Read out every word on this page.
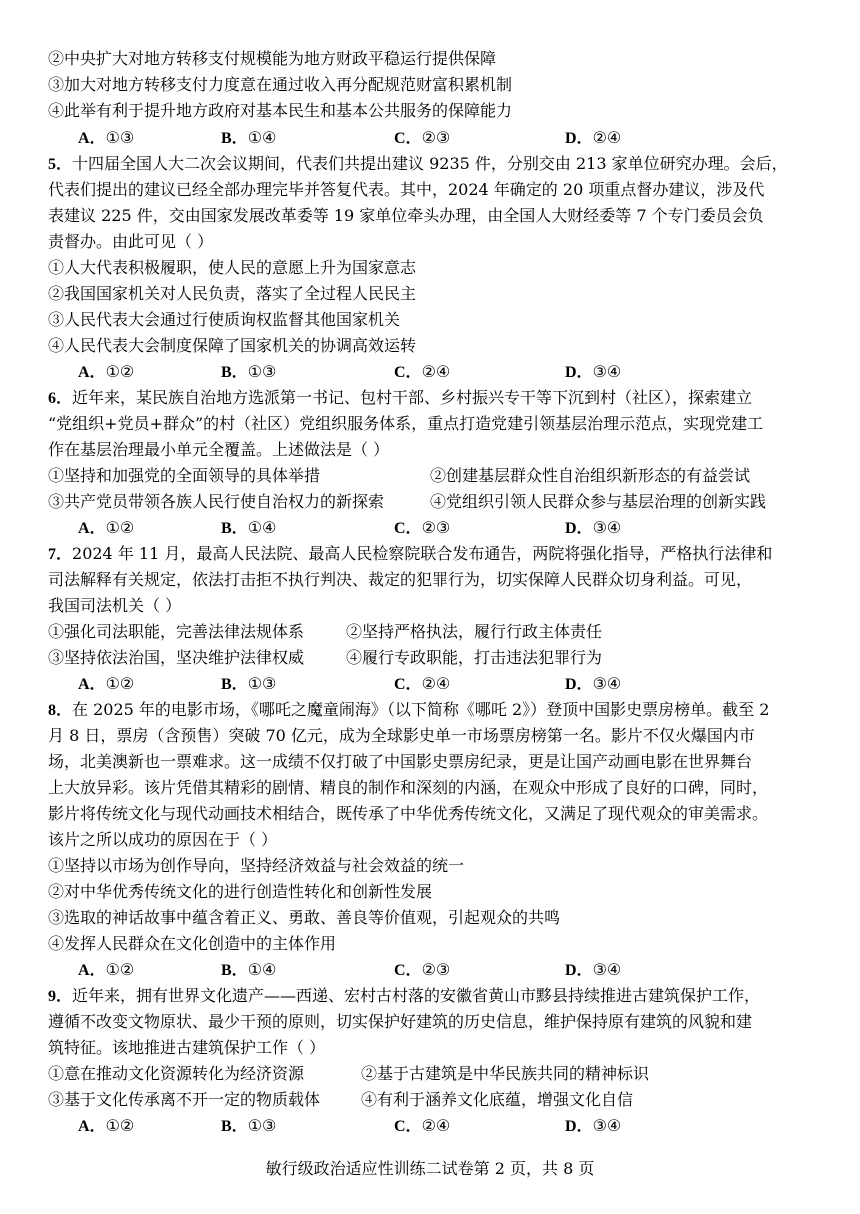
②中央扩大对地方转移支付规模能为地方财政平稳运行提供保障
③加大对地方转移支付力度意在通过收入再分配规范财富积累机制
④此举有利于提升地方政府对基本民生和基本公共服务的保障能力
A．①③	B．①④	C．②③	D．②④
5．十四届全国人大二次会议期间，代表们共提出建议 9235 件，分别交由 213 家单位研究办理。会后，
代表们提出的建议已经全部办理完毕并答复代表。其中，2024 年确定的 20 项重点督办建议，涉及代
表建议 225 件，交由国家发展改革委等 19 家单位牵头办理，由全国人大财经委等 7 个专门委员会负
责督办。由此可见（ ）
①人大代表积极履职，使人民的意愿上升为国家意志
②我国国家机关对人民负责，落实了全过程人民民主
③人民代表大会通过行使质询权监督其他国家机关
④人民代表大会制度保障了国家机关的协调高效运转
A．①②	B．①③	C．②④	D．③④
6．近年来，某民族自治地方选派第一书记、包村干部、乡村振兴专干等下沉到村（社区），探索建立
“党组织+党员+群众”的村（社区）党组织服务体系，重点打造党建引领基层治理示范点，实现党建工
作在基层治理最小单元全覆盖。上述做法是（ ）
①坚持和加强党的全面领导的具体举措	②创建基层群众性自治组织新形态的有益尝试
③共产党员带领各族人民行使自治权力的新探索	④党组织引领人民群众参与基层治理的创新实践
A．①②	B．①④	C．②③	D．③④
7．2024 年 11 月，最高人民法院、最高人民检察院联合发布通告，两院将强化指导，严格执行法律和
司法解释有关规定，依法打击拒不执行判决、裁定的犯罪行为，切实保障人民群众切身利益。可见，
我国司法机关（ ）
①强化司法职能，完善法律法规体系	②坚持严格执法，履行行政主体责任
③坚持依法治国，坚决维护法律权威	④履行专政职能，打击违法犯罪行为
A．①②	B．①③	C．②④	D．③④
8．在 2025 年的电影市场，《哪吒之魔童闹海》（以下简称《哪吒 2》）登顶中国影史票房榜单。截至 2
月 8 日，票房（含预售）突破 70 亿元，成为全球影史单一市场票房榜第一名。影片不仅火爆国内市
场，北美澳新也一票难求。这一成绩不仅打破了中国影史票房纪录，更是让国产动画电影在世界舞台
上大放异彩。该片凭借其精彩的剧情、精良的制作和深刻的内涵，在观众中形成了良好的口碑，同时，
影片将传统文化与现代动画技术相结合，既传承了中华优秀传统文化，又满足了现代观众的审美需求。
该片之所以成功的原因在于（ ）
①坚持以市场为创作导向，坚持经济效益与社会效益的统一
②对中华优秀传统文化的进行创造性转化和创新性发展
③选取的神话故事中蕴含着正义、勇敢、善良等价值观，引起观众的共鸣
④发挥人民群众在文化创造中的主体作用
A．①②	B．①④	C．②③	D．③④
9．近年来，拥有世界文化遗产——西递、宏村古村落的安徽省黄山市黟县持续推进古建筑保护工作，
遵循不改变文物原状、最少干预的原则，切实保护好建筑的历史信息，维护保持原有建筑的风貌和建
筑特征。该地推进古建筑保护工作（ ）
①意在推动文化资源转化为经济资源	②基于古建筑是中华民族共同的精神标识
③基于文化传承离不开一定的物质载体	④有利于涵养文化底蕴，增强文化自信
A．①②	B．①③	C．②④	D．③④
敏行级政治适应性训练二试卷第 2 页，共 8 页
